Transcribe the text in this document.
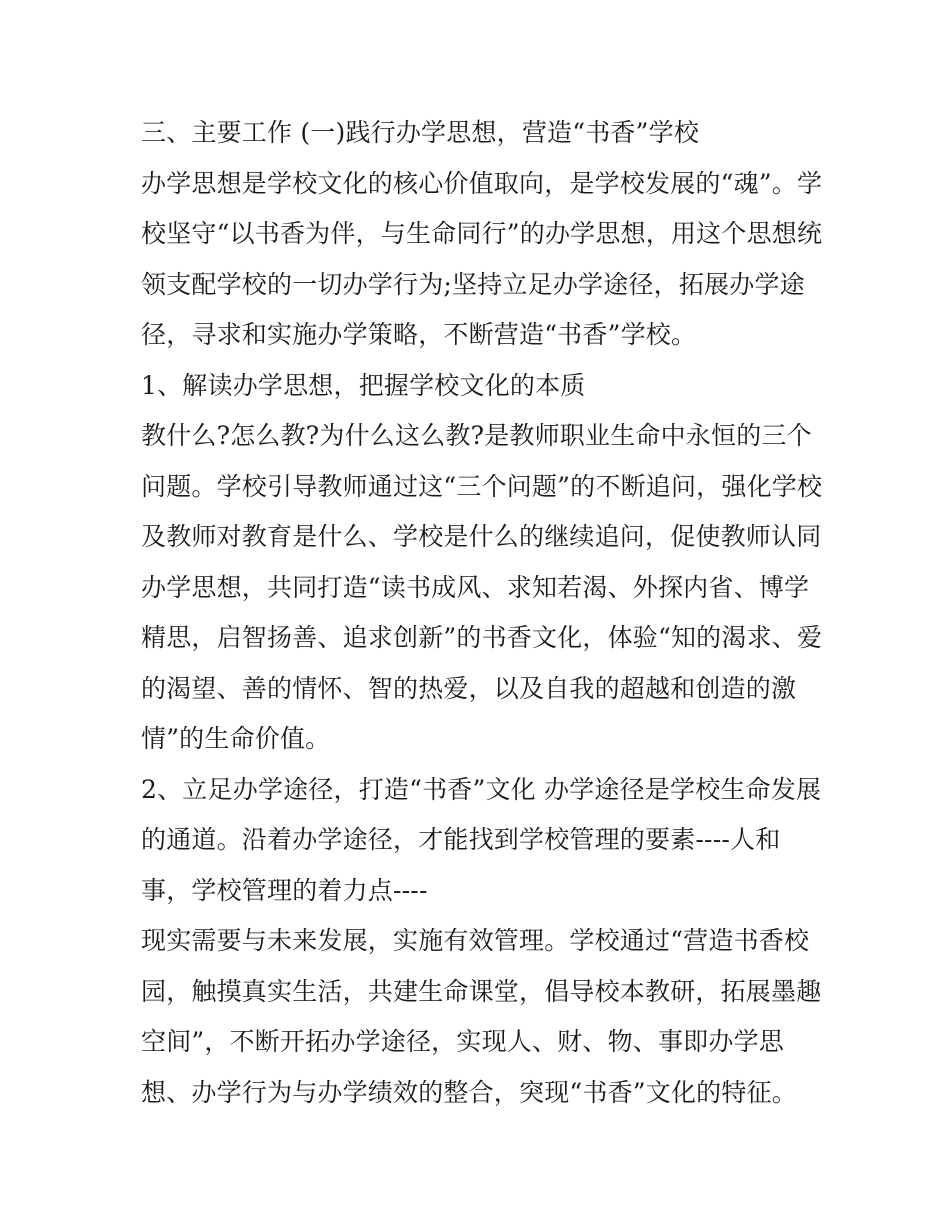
三、主要工作 (一)践行办学思想，营造“书香”学校
办学思想是学校文化的核心价值取向，是学校发展的“魂”。学
校坚守“以书香为伴，与生命同行”的办学思想，用这个思想统
领支配学校的一切办学行为;坚持立足办学途径，拓展办学途
径，寻求和实施办学策略，不断营造“书香”学校。
1、解读办学思想，把握学校文化的本质
教什么?怎么教?为什么这么教?是教师职业生命中永恒的三个
问题。学校引导教师通过这“三个问题”的不断追问，强化学校
及教师对教育是什么、学校是什么的继续追问，促使教师认同
办学思想，共同打造“读书成风、求知若渴、外探内省、博学
精思，启智扬善、追求创新”的书香文化，体验“知的渴求、爱
的渴望、善的情怀、智的热爱，以及自我的超越和创造的激
情”的生命价值。
2、立足办学途径，打造“书香”文化 办学途径是学校生命发展
的通道。沿着办学途径，才能找到学校管理的要素----人和
事，学校管理的着力点----
现实需要与未来发展，实施有效管理。学校通过“营造书香校
园，触摸真实生活，共建生命课堂，倡导校本教研，拓展墨趣
空间”，不断开拓办学途径，实现人、财、物、事即办学思
想、办学行为与办学绩效的整合，突现“书香”文化的特征。
